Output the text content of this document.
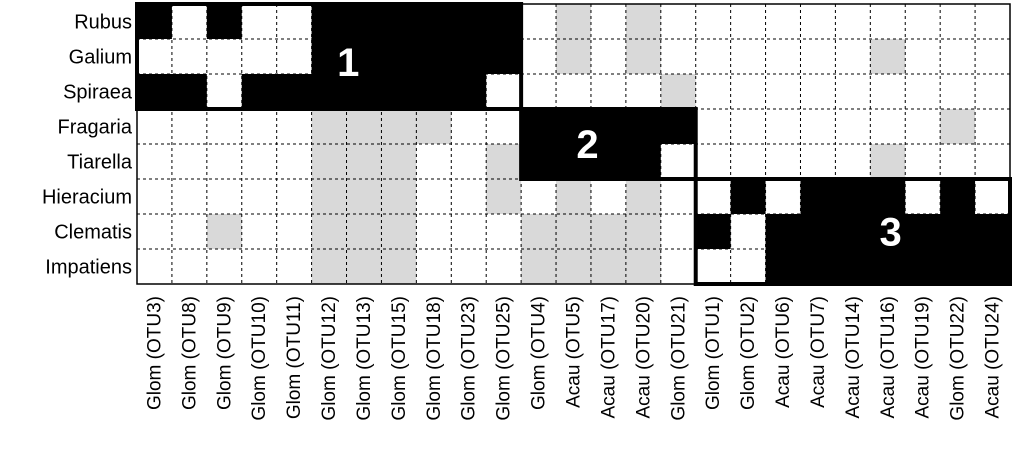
1
2
3
Rubus
Galium
Spiraea
Fragaria
Tiarella
Hieracium
Clematis
Impatiens
Glom (OTU3) Glom (OTU8) Glom (OTU9) Glom (OTU10) Glom (OTU11) Glom (OTU12) Glom (OTU13) Glom (OTU15) Glom (OTU18) Glom (OTU23) Glom (OTU25) Glom (OTU4) Acau (OTU5) Acau (OTU17) Acau (OTU20) Glom (OTU21) Glom (OTU1) Glom (OTU2) Acau (OTU6) Acau (OTU7) Acau (OTU14) Acau (OTU16) Acau (OTU19) Glom (OTU22) Acau (OTU24)
